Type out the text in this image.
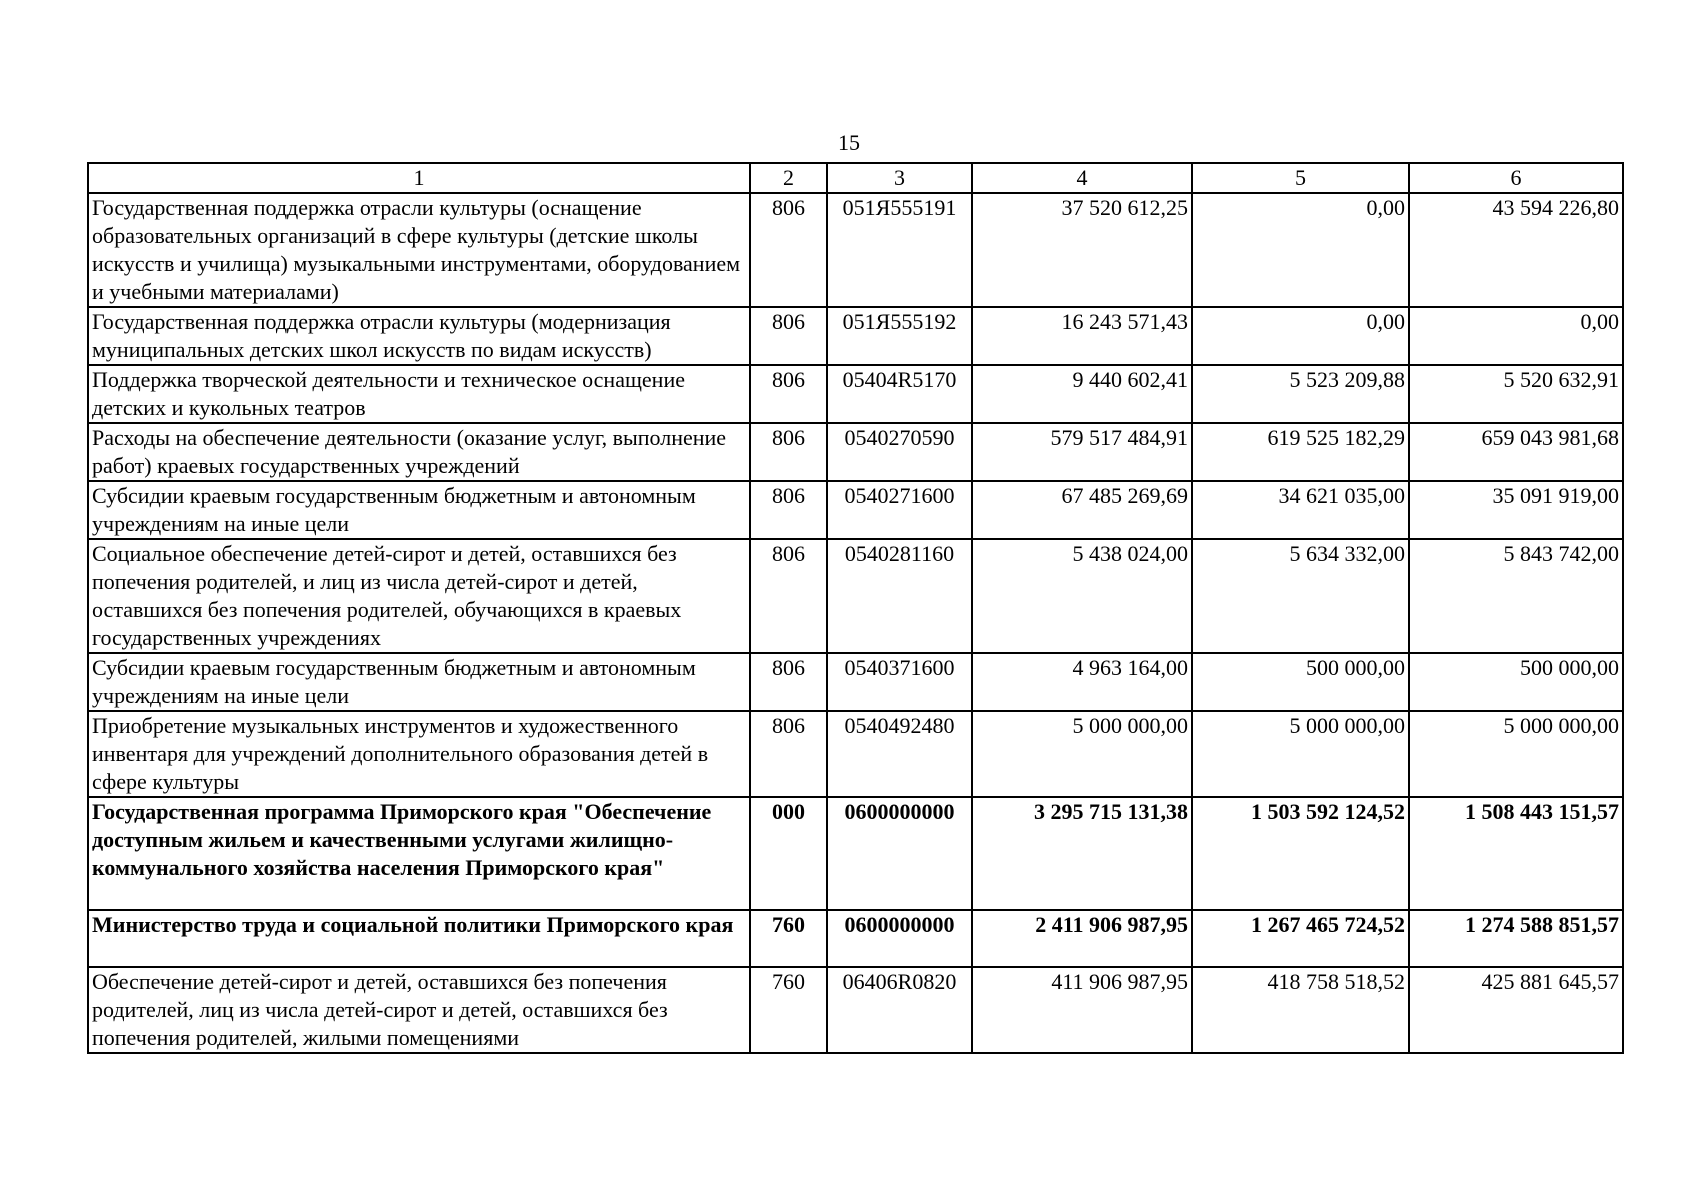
15
1	2	3	4	5	6
Государственная поддержка отрасли культуры (оснащение образовательных организаций в сфере культуры (детские школы искусств и училища) музыкальными инструментами, оборудованием и учебными материалами)	806	051Я555191	37 520 612,25	0,00	43 594 226,80
Государственная поддержка отрасли культуры (модернизация муниципальных детских школ искусств по видам искусств)	806	051Я555192	16 243 571,43	0,00	0,00
Поддержка творческой деятельности и техническое оснащение детских и кукольных театров	806	05404R5170	9 440 602,41	5 523 209,88	5 520 632,91
Расходы на обеспечение деятельности (оказание услуг, выполнение работ) краевых государственных учреждений	806	0540270590	579 517 484,91	619 525 182,29	659 043 981,68
Субсидии краевым государственным бюджетным и автономным учреждениям на иные цели	806	0540271600	67 485 269,69	34 621 035,00	35 091 919,00
Социальное обеспечение детей-сирот и детей, оставшихся без попечения родителей, и лиц из числа детей-сирот и детей, оставшихся без попечения родителей, обучающихся в краевых государственных учреждениях	806	0540281160	5 438 024,00	5 634 332,00	5 843 742,00
Субсидии краевым государственным бюджетным и автономным учреждениям на иные цели	806	0540371600	4 963 164,00	500 000,00	500 000,00
Приобретение музыкальных инструментов и художественного инвентаря для учреждений дополнительного образования детей в сфере культуры	806	0540492480	5 000 000,00	5 000 000,00	5 000 000,00
Государственная программа Приморского края "Обеспечение доступным жильем и качественными услугами жилищно-коммунального хозяйства населения Приморского края"	000	0600000000	3 295 715 131,38	1 503 592 124,52	1 508 443 151,57
Министерство труда и социальной политики Приморского края	760	0600000000	2 411 906 987,95	1 267 465 724,52	1 274 588 851,57
Обеспечение детей-сирот и детей, оставшихся без попечения родителей, лиц из числа детей-сирот и детей, оставшихся без попечения родителей, жилыми помещениями	760	06406R0820	411 906 987,95	418 758 518,52	425 881 645,57
